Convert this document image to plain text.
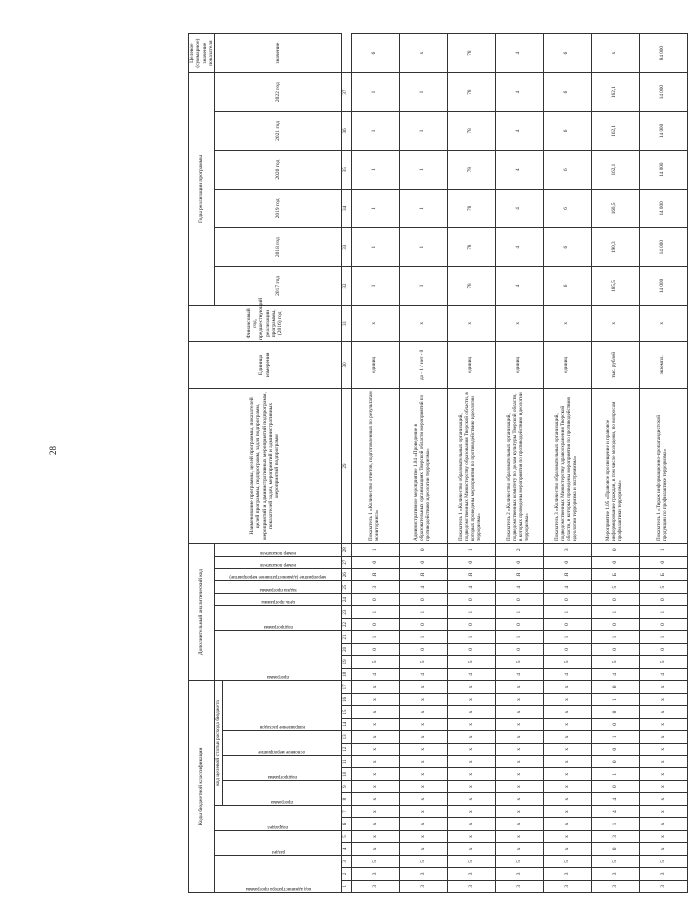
28
Коды бюджетной классификации																	Дополнительный аналитический код											Наименование программы, целей программы, показателей целей программы, подпрограмм, задач подпрограмм, мероприятий и административных мероприятий подпрограмм, показателей задач, мероприятий и административных мероприятий подпрограмм	Единица измерения	Финансовый год, предшествующий реализации программы, (2016) год	Годы реализации программы						Целевое (суммарное) значение показателя

код администратора программы			раздел		подраздел		код целевой статьи расхода бюджета										программа				подпрограмма		цель программы	задача программы	мероприятие (административное мероприятие)	номер показателя	номер показателя				2017 год	2018 год	2019 год	2020 год	2021 год	2022 год	значение

							программа		подпрограмма		основное мероприятие		направление расходов																								

1	2	3	4	5	6	7	8	9	10	11	12	13	14	15	16	17	18	19	20	21	22	23	24	25	26	27	28	29	30	31	32	33	34	35	36	37	
3	3	5	х	х	х	х	х	х	х	х	х	х	х	х	х	х	4	5	0	1	0	1	0	3	Я	0	1	Показатель 1 «Количество отчетов, подготовленных по результатам мониторинга»	единиц	х	1	1	1	1	1	1	6
3	3	5	х	х	х	х	х	х	х	х	х	х	х	х	х	х	4	5	0	1	0	1	0	4	Я	0	0	Административное мероприятие 1.04 «Проведение в образовательных организациях Тверской области мероприятий по противодействию идеологии терроризма»	да - 1 / нет - 0	х	1	1	1	1	1	1	х
3	3	5	х	х	х	х	х	х	х	х	х	х	х	х	х	х	4	5	0	1	0	1	0	4	Я	0	1	Показатель 1 «Количество образовательных организаций, подведомственных Министерству образования Тверской области, в которых проведены мероприятия по противодействию идеологии терроризма»	единиц	х	78	78	78	78	78	78	78
3	3	5	х	х	х	х	х	х	х	х	х	х	х	х	х	х	4	5	0	1	0	1	0	4	Я	0	2	Показатель 2 «Количество образовательных организаций, подведомственных комитету по делам культуры Тверской области, в которых проведены мероприятия по противодействию идеологии терроризма»	единиц	х	4	4	4	4	4	4	4
3	3	5	х	х	х	х	х	х	х	х	х	х	х	х	х	х	4	5	0	1	0	1	0	4	Я	0	3	Показатель 3 «Количество образовательных организаций, подведомственных Министерству здравоохранения Тверской области, в которых проведены мероприятия по противодействию идеологии терроризма и экстремизма»	единиц	х	6	6	6	6	6	6	6
3	3	5	0	3	1	4	4	0	1	0	0	1	0	0	1	0	4	5	0	1	0	1	0	5	Б	0	0	Мероприятие 1.05 «Правовое просвещение и правовое информирование граждан, в том числе молодежи, по вопросам профилактики терроризма»	тыс. рублей	х	185,5	190,3	160,5	162,1	162,1	162,1	х
3	3	5	х	х	х	х	х	х	х	х	х	х	х	х	х	х	4	5	0	1	0	1	0	5	Б	0	1	Показатель 1 «Тираж информационно-пропагандистской продукции по профилактике терроризма»	экземпл.	х	14 000	14 000	14 000	14 000	14 000	14 000	84 000
